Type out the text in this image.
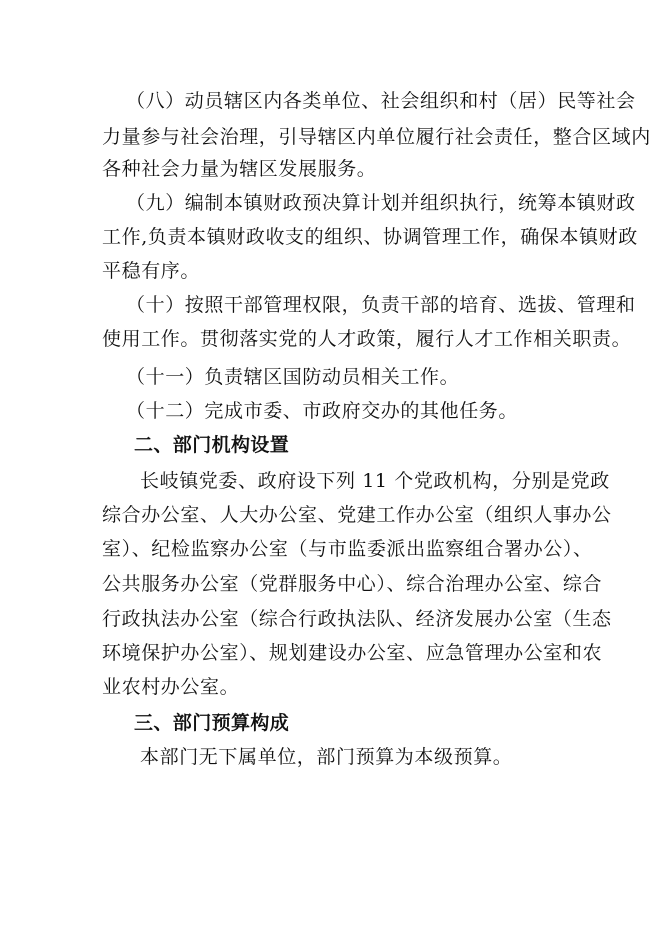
（八）动员辖区内各类单位、社会组织和村（居）民等社会
力量参与社会治理，引导辖区内单位履行社会责任，整合区域内
各种社会力量为辖区发展服务。
（九）编制本镇财政预决算计划并组织执行，统筹本镇财政
工作,负责本镇财政收支的组织、协调管理工作，确保本镇财政
平稳有序。
（十）按照干部管理权限，负责干部的培育、选拔、管理和
使用工作。贯彻落实党的人才政策，履行人才工作相关职责。
（十一）负责辖区国防动员相关工作。
（十二）完成市委、市政府交办的其他任务。
二、部门机构设置
长岐镇党委、政府设下列 11 个党政机构，分别是党政
综合办公室、人大办公室、党建工作办公室（组织人事办公
室）、纪检监察办公室（与市监委派出监察组合署办公）、
公共服务办公室（党群服务中心）、综合治理办公室、综合
行政执法办公室（综合行政执法队、经济发展办公室（生态
环境保护办公室）、规划建设办公室、应急管理办公室和农
业农村办公室。
三、部门预算构成
本部门无下属单位，部门预算为本级预算。
